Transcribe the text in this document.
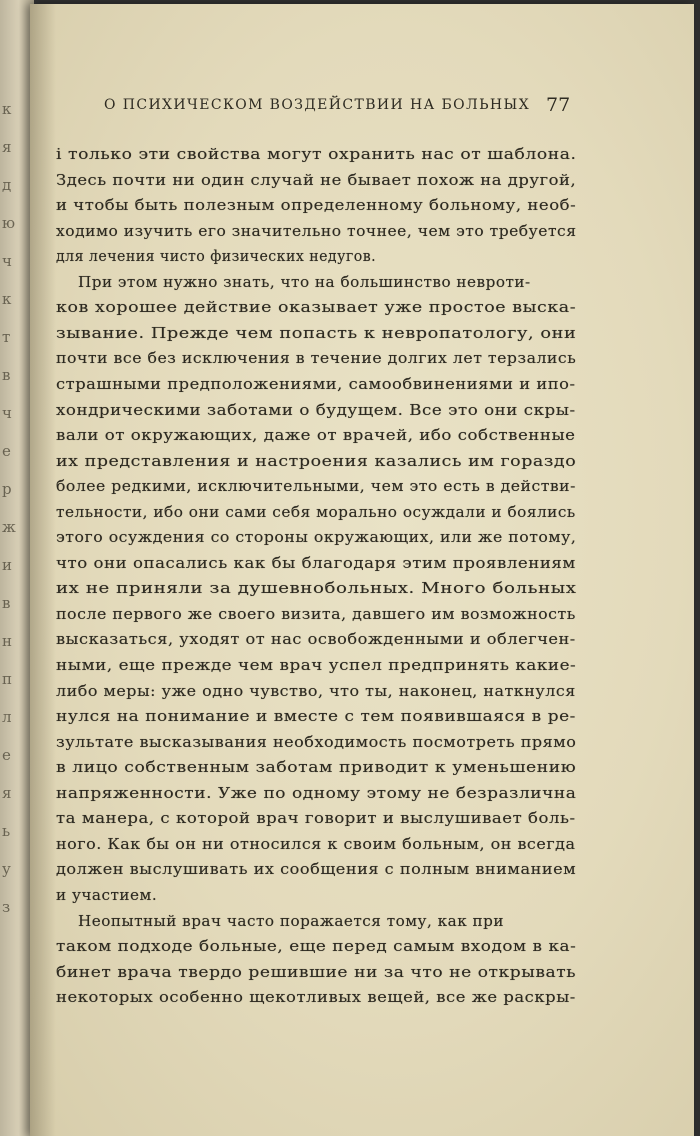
к
я
д
ю
ч
к
т
в
ч
е
р
ж
и
в
н
п
л
е
я
ь
у
з
О ПСИХИЧЕСКОМ ВОЗДЕЙСТВИИ НА БОЛЬНЫХ 77
і только эти свойства могут охранить нас от шаблона.
Здесь почти ни один случай не бывает похож на другой,
и чтобы быть полезным определенному больному, необ-
ходимо изучить его значительно точнее, чем это требуется
для лечения чисто физических недугов.
При этом нужно знать, что на большинство невроти-
ков хорошее действие оказывает уже простое выска-
зывание. Прежде чем попасть к невропатологу, они
почти все без исключения в течение долгих лет терзались
страшными предположениями, самообвинениями и ипо-
хондрическими заботами о будущем. Все это они скры-
вали от окружающих, даже от врачей, ибо собственные
их представления и настроения казались им гораздо
более редкими, исключительными, чем это есть в действи-
тельности, ибо они сами себя морально осуждали и боялись
этого осуждения со стороны окружающих, или же потому,
что они опасались как бы благодаря этим проявлениям
их не приняли за душевнобольных. Много больных
после первого же своего визита, давшего им возможность
высказаться, уходят от нас освобожденными и облегчен-
ными, еще прежде чем врач успел предпринять какие-
либо меры: уже одно чувство, что ты, наконец, наткнулся
нулся на понимание и вместе с тем появившаяся в ре-
зультате высказывания необходимость посмотреть прямо
в лицо собственным заботам приводит к уменьшению
напряженности. Уже по одному этому не безразлична
та манера, с которой врач говорит и выслушивает боль-
ного. Как бы он ни относился к своим больным, он всегда
должен выслушивать их сообщения с полным вниманием
и участием.
Неопытный врач часто поражается тому, как при
таком подходе больные, еще перед самым входом в ка-
бинет врача твердо решившие ни за что не открывать
некоторых особенно щекотливых вещей, все же раскры-
